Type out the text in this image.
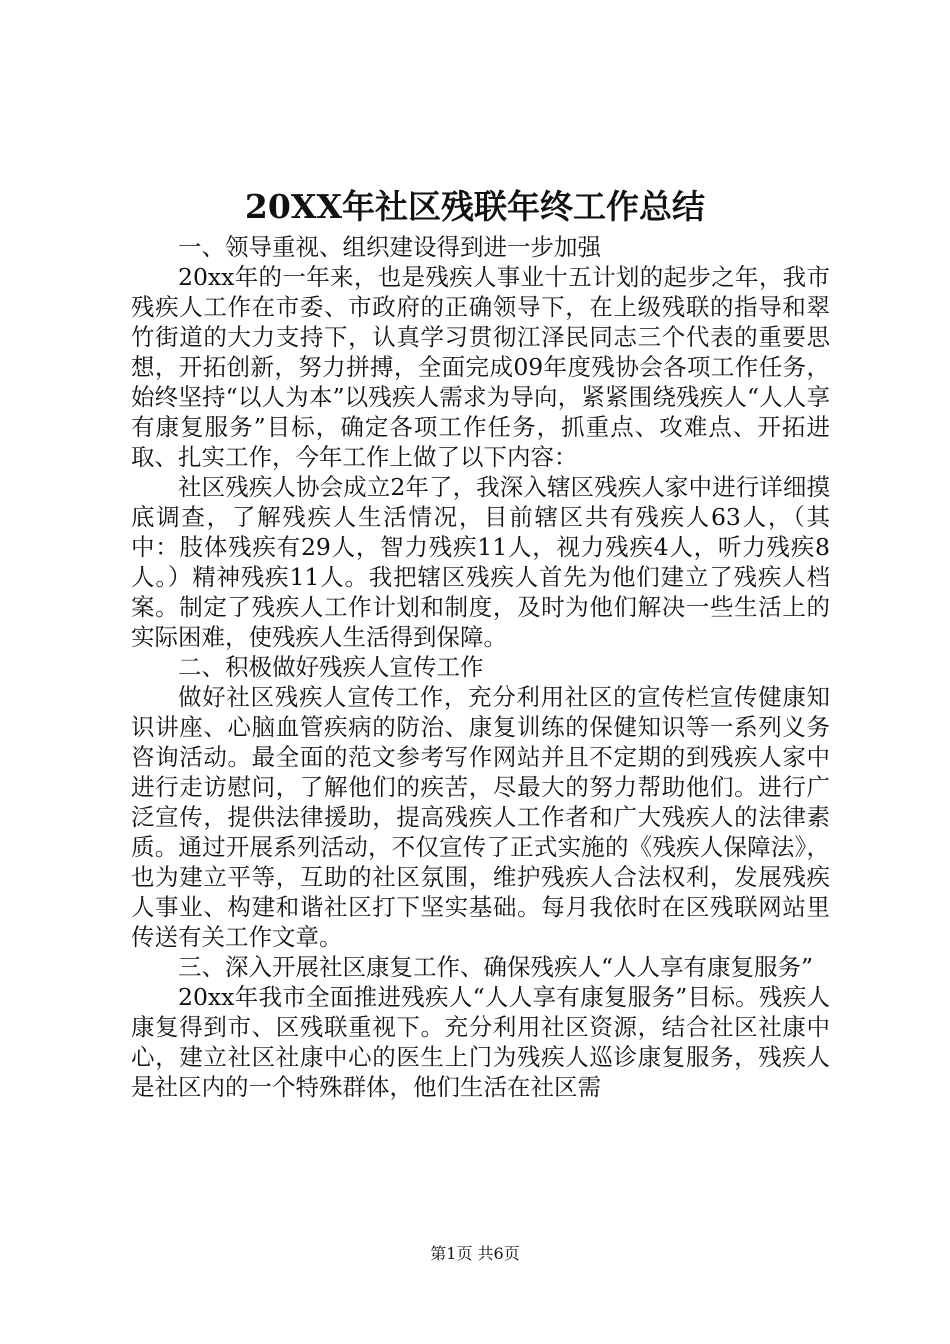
20XX年社区残联年终工作总结

一、领导重视、组织建设得到进一步加强

20xx年的一年来，也是残疾人事业十五计划的起步之年，我市残疾人工作在市委、市政府的正确领导下，在上级残联的指导和翠竹街道的大力支持下，认真学习贯彻江泽民同志三个代表的重要思想，开拓创新，努力拼搏，全面完成09年度残协会各项工作任务，始终坚持“以人为本”以残疾人需求为导向，紧紧围绕残疾人“人人享有康复服务”目标，确定各项工作任务，抓重点、攻难点、开拓进取、扎实工作，今年工作上做了以下内容：

社区残疾人协会成立2年了，我深入辖区残疾人家中进行详细摸底调查，了解残疾人生活情况，目前辖区共有残疾人63人，（其中：肢体残疾有29人，智力残疾11人，视力残疾4人，听力残疾8人。）精神残疾11人。我把辖区残疾人首先为他们建立了残疾人档案。制定了残疾人工作计划和制度，及时为他们解决一些生活上的实际困难，使残疾人生活得到保障。

二、积极做好残疾人宣传工作

做好社区残疾人宣传工作，充分利用社区的宣传栏宣传健康知识讲座、心脑血管疾病的防治、康复训练的保健知识等一系列义务咨询活动。最全面的范文参考写作网站并且不定期的到残疾人家中进行走访慰问，了解他们的疾苦，尽最大的努力帮助他们。进行广泛宣传，提供法律援助，提高残疾人工作者和广大残疾人的法律素质。通过开展系列活动，不仅宣传了正式实施的《残疾人保障法》，也为建立平等，互助的社区氛围，维护残疾人合法权利，发展残疾人事业、构建和谐社区打下坚实基础。每月我依时在区残联网站里传送有关工作文章。

三、深入开展社区康复工作、确保残疾人“人人享有康复服务”

20xx年我市全面推进残疾人“人人享有康复服务”目标。残疾人康复得到市、区残联重视下。充分利用社区资源，结合社区社康中心，建立社区社康中心的医生上门为残疾人巡诊康复服务，残疾人是社区内的一个特殊群体，他们生活在社区需

第1页 共6页
